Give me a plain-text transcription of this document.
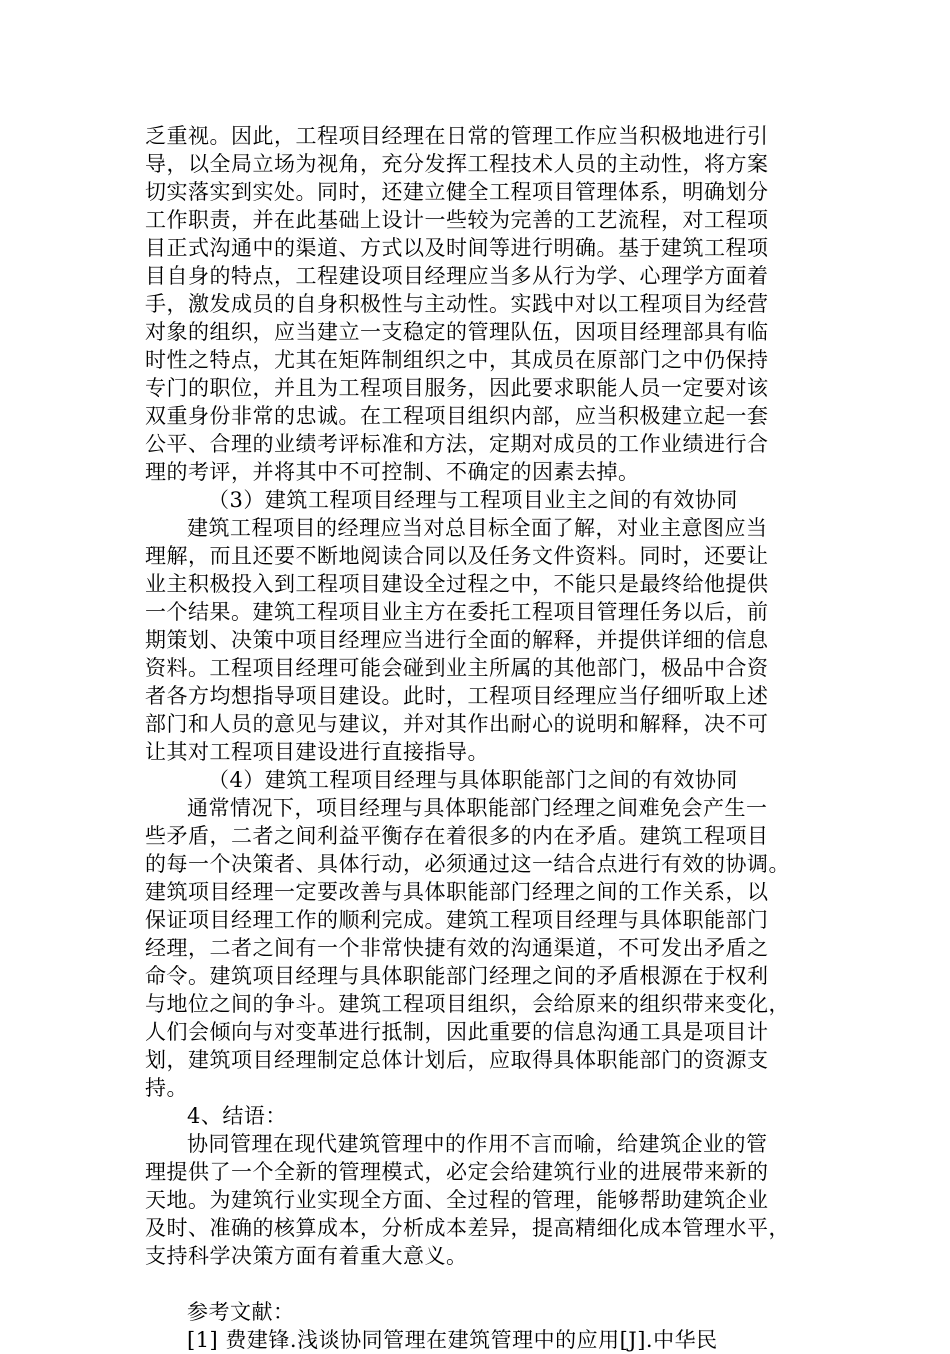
乏重视。因此，工程项目经理在日常的管理工作应当积极地进行引
导，以全局立场为视角，充分发挥工程技术人员的主动性，将方案
切实落实到实处。同时，还建立健全工程项目管理体系，明确划分
工作职责，并在此基础上设计一些较为完善的工艺流程，对工程项
目正式沟通中的渠道、方式以及时间等进行明确。基于建筑工程项
目自身的特点，工程建设项目经理应当多从行为学、心理学方面着
手，激发成员的自身积极性与主动性。实践中对以工程项目为经营
对象的组织，应当建立一支稳定的管理队伍，因项目经理部具有临
时性之特点，尤其在矩阵制组织之中，其成员在原部门之中仍保持
专门的职位，并且为工程项目服务，因此要求职能人员一定要对该
双重身份非常的忠诚。在工程项目组织内部，应当积极建立起一套
公平、合理的业绩考评标准和方法，定期对成员的工作业绩进行合
理的考评，并将其中不可控制、不确定的因素去掉。
（3）建筑工程项目经理与工程项目业主之间的有效协同
建筑工程项目的经理应当对总目标全面了解，对业主意图应当
理解，而且还要不断地阅读合同以及任务文件资料。同时，还要让
业主积极投入到工程项目建设全过程之中，不能只是最终给他提供
一个结果。建筑工程项目业主方在委托工程项目管理任务以后，前
期策划、决策中项目经理应当进行全面的解释，并提供详细的信息
资料。工程项目经理可能会碰到业主所属的其他部门，极品中合资
者各方均想指导项目建设。此时，工程项目经理应当仔细听取上述
部门和人员的意见与建议，并对其作出耐心的说明和解释，决不可
让其对工程项目建设进行直接指导。
（4）建筑工程项目经理与具体职能部门之间的有效协同
通常情况下，项目经理与具体职能部门经理之间难免会产生一
些矛盾，二者之间利益平衡存在着很多的内在矛盾。建筑工程项目
的每一个决策者、具体行动，必须通过这一结合点进行有效的协调。
建筑项目经理一定要改善与具体职能部门经理之间的工作关系，以
保证项目经理工作的顺利完成。建筑工程项目经理与具体职能部门
经理，二者之间有一个非常快捷有效的沟通渠道，不可发出矛盾之
命令。建筑项目经理与具体职能部门经理之间的矛盾根源在于权利
与地位之间的争斗。建筑工程项目组织，会给原来的组织带来变化，
人们会倾向与对变革进行抵制，因此重要的信息沟通工具是项目计
划，建筑项目经理制定总体计划后，应取得具体职能部门的资源支
持。
4、结语：
协同管理在现代建筑管理中的作用不言而喻，给建筑企业的管
理提供了一个全新的管理模式，必定会给建筑行业的进展带来新的
天地。为建筑行业实现全方面、全过程的管理，能够帮助建筑企业
及时、准确的核算成本，分析成本差异，提高精细化成本管理水平，
支持科学决策方面有着重大意义。
参考文献：
[1] 费建锋.浅谈协同管理在建筑管理中的应用[J].中华民
